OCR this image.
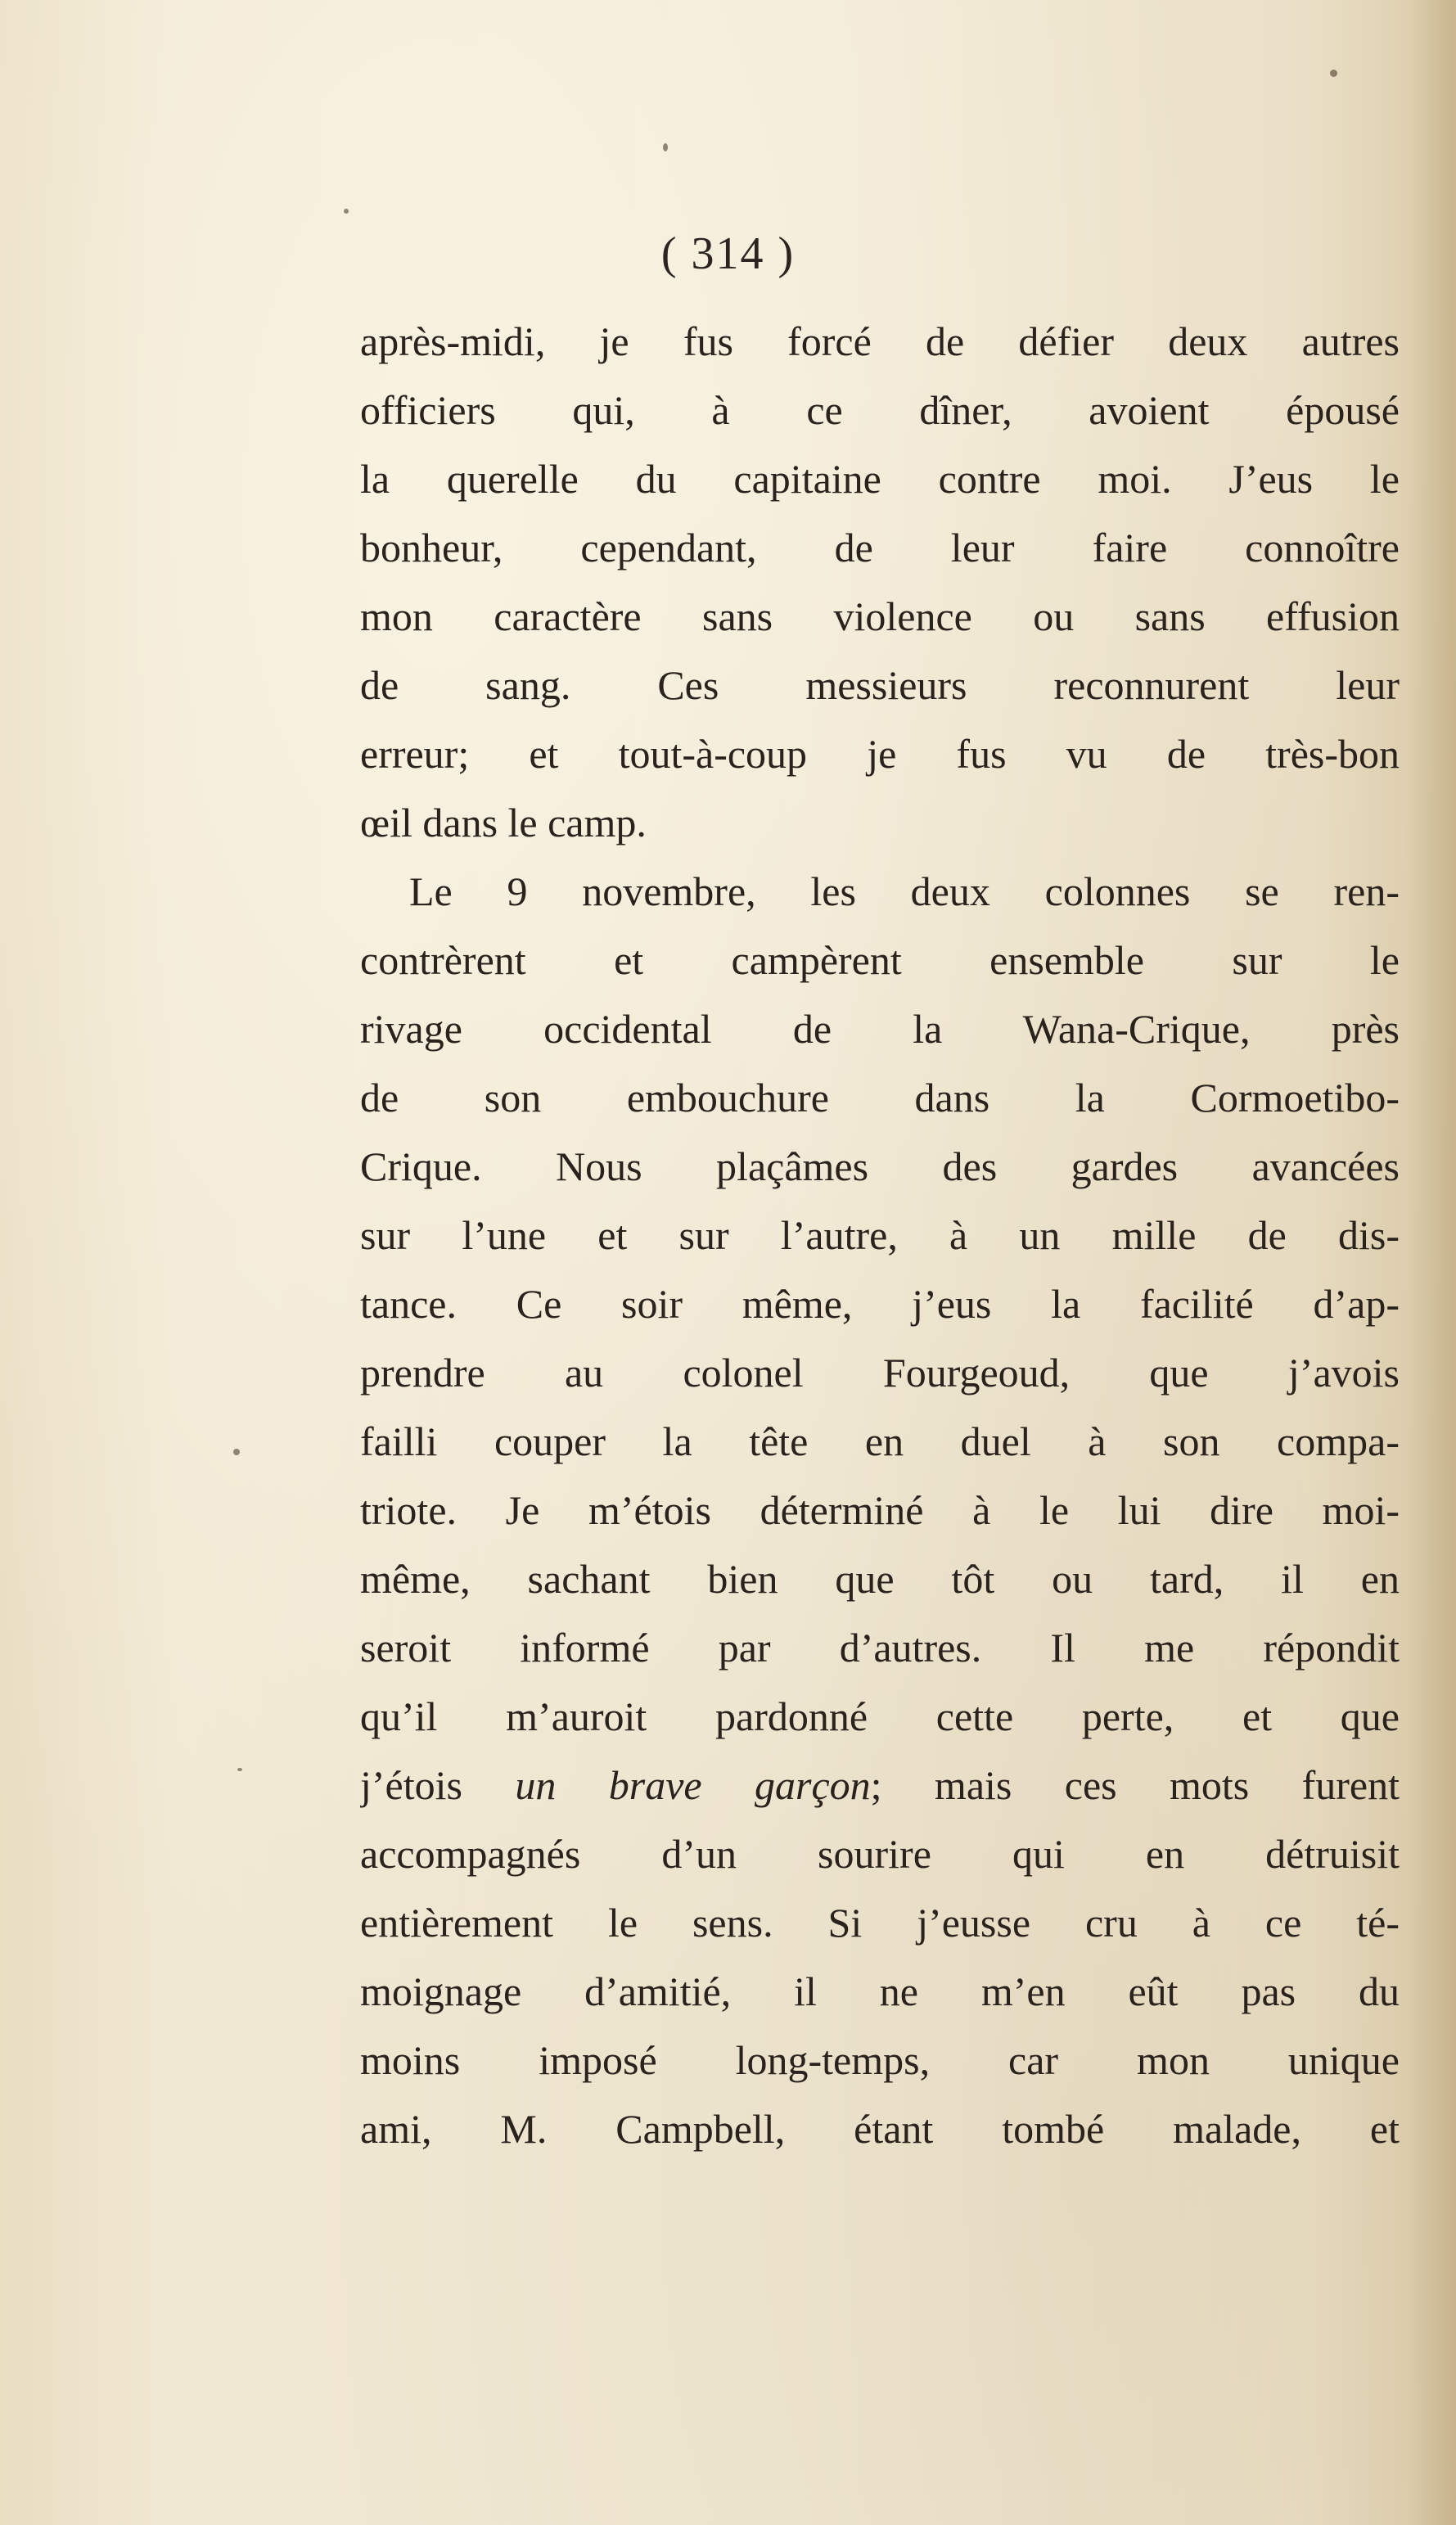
( 314 )
après-midi, je fus forcé de défier deux autres
officiers qui, à ce dîner, avoient épousé
la querelle du capitaine contre moi. J’eus le
bonheur, cependant, de leur faire connoître
mon caractère sans violence ou sans effusion
de sang. Ces messieurs reconnurent leur
erreur; et tout-à-coup je fus vu de très-bon
œil dans le camp.
Le 9 novembre, les deux colonnes se ren-
contrèrent et campèrent ensemble sur le
rivage occidental de la Wana-Crique, près
de son embouchure dans la Cormoetibo-
Crique. Nous plaçâmes des gardes avancées
sur l’une et sur l’autre, à un mille de dis-
tance. Ce soir même, j’eus la facilité d’ap-
prendre au colonel Fourgeoud, que j’avois
failli couper la tête en duel à son compa-
triote. Je m’étois déterminé à le lui dire moi-
même, sachant bien que tôt ou tard, il en
seroit informé par d’autres. Il me répondit
qu’il m’auroit pardonné cette perte, et que
j’étois un brave garçon; mais ces mots furent
accompagnés d’un sourire qui en détruisit
entièrement le sens. Si j’eusse cru à ce té-
moignage d’amitié, il ne m’en eût pas du
moins imposé long-temps, car mon unique
ami, M. Campbell, étant tombé malade, et
